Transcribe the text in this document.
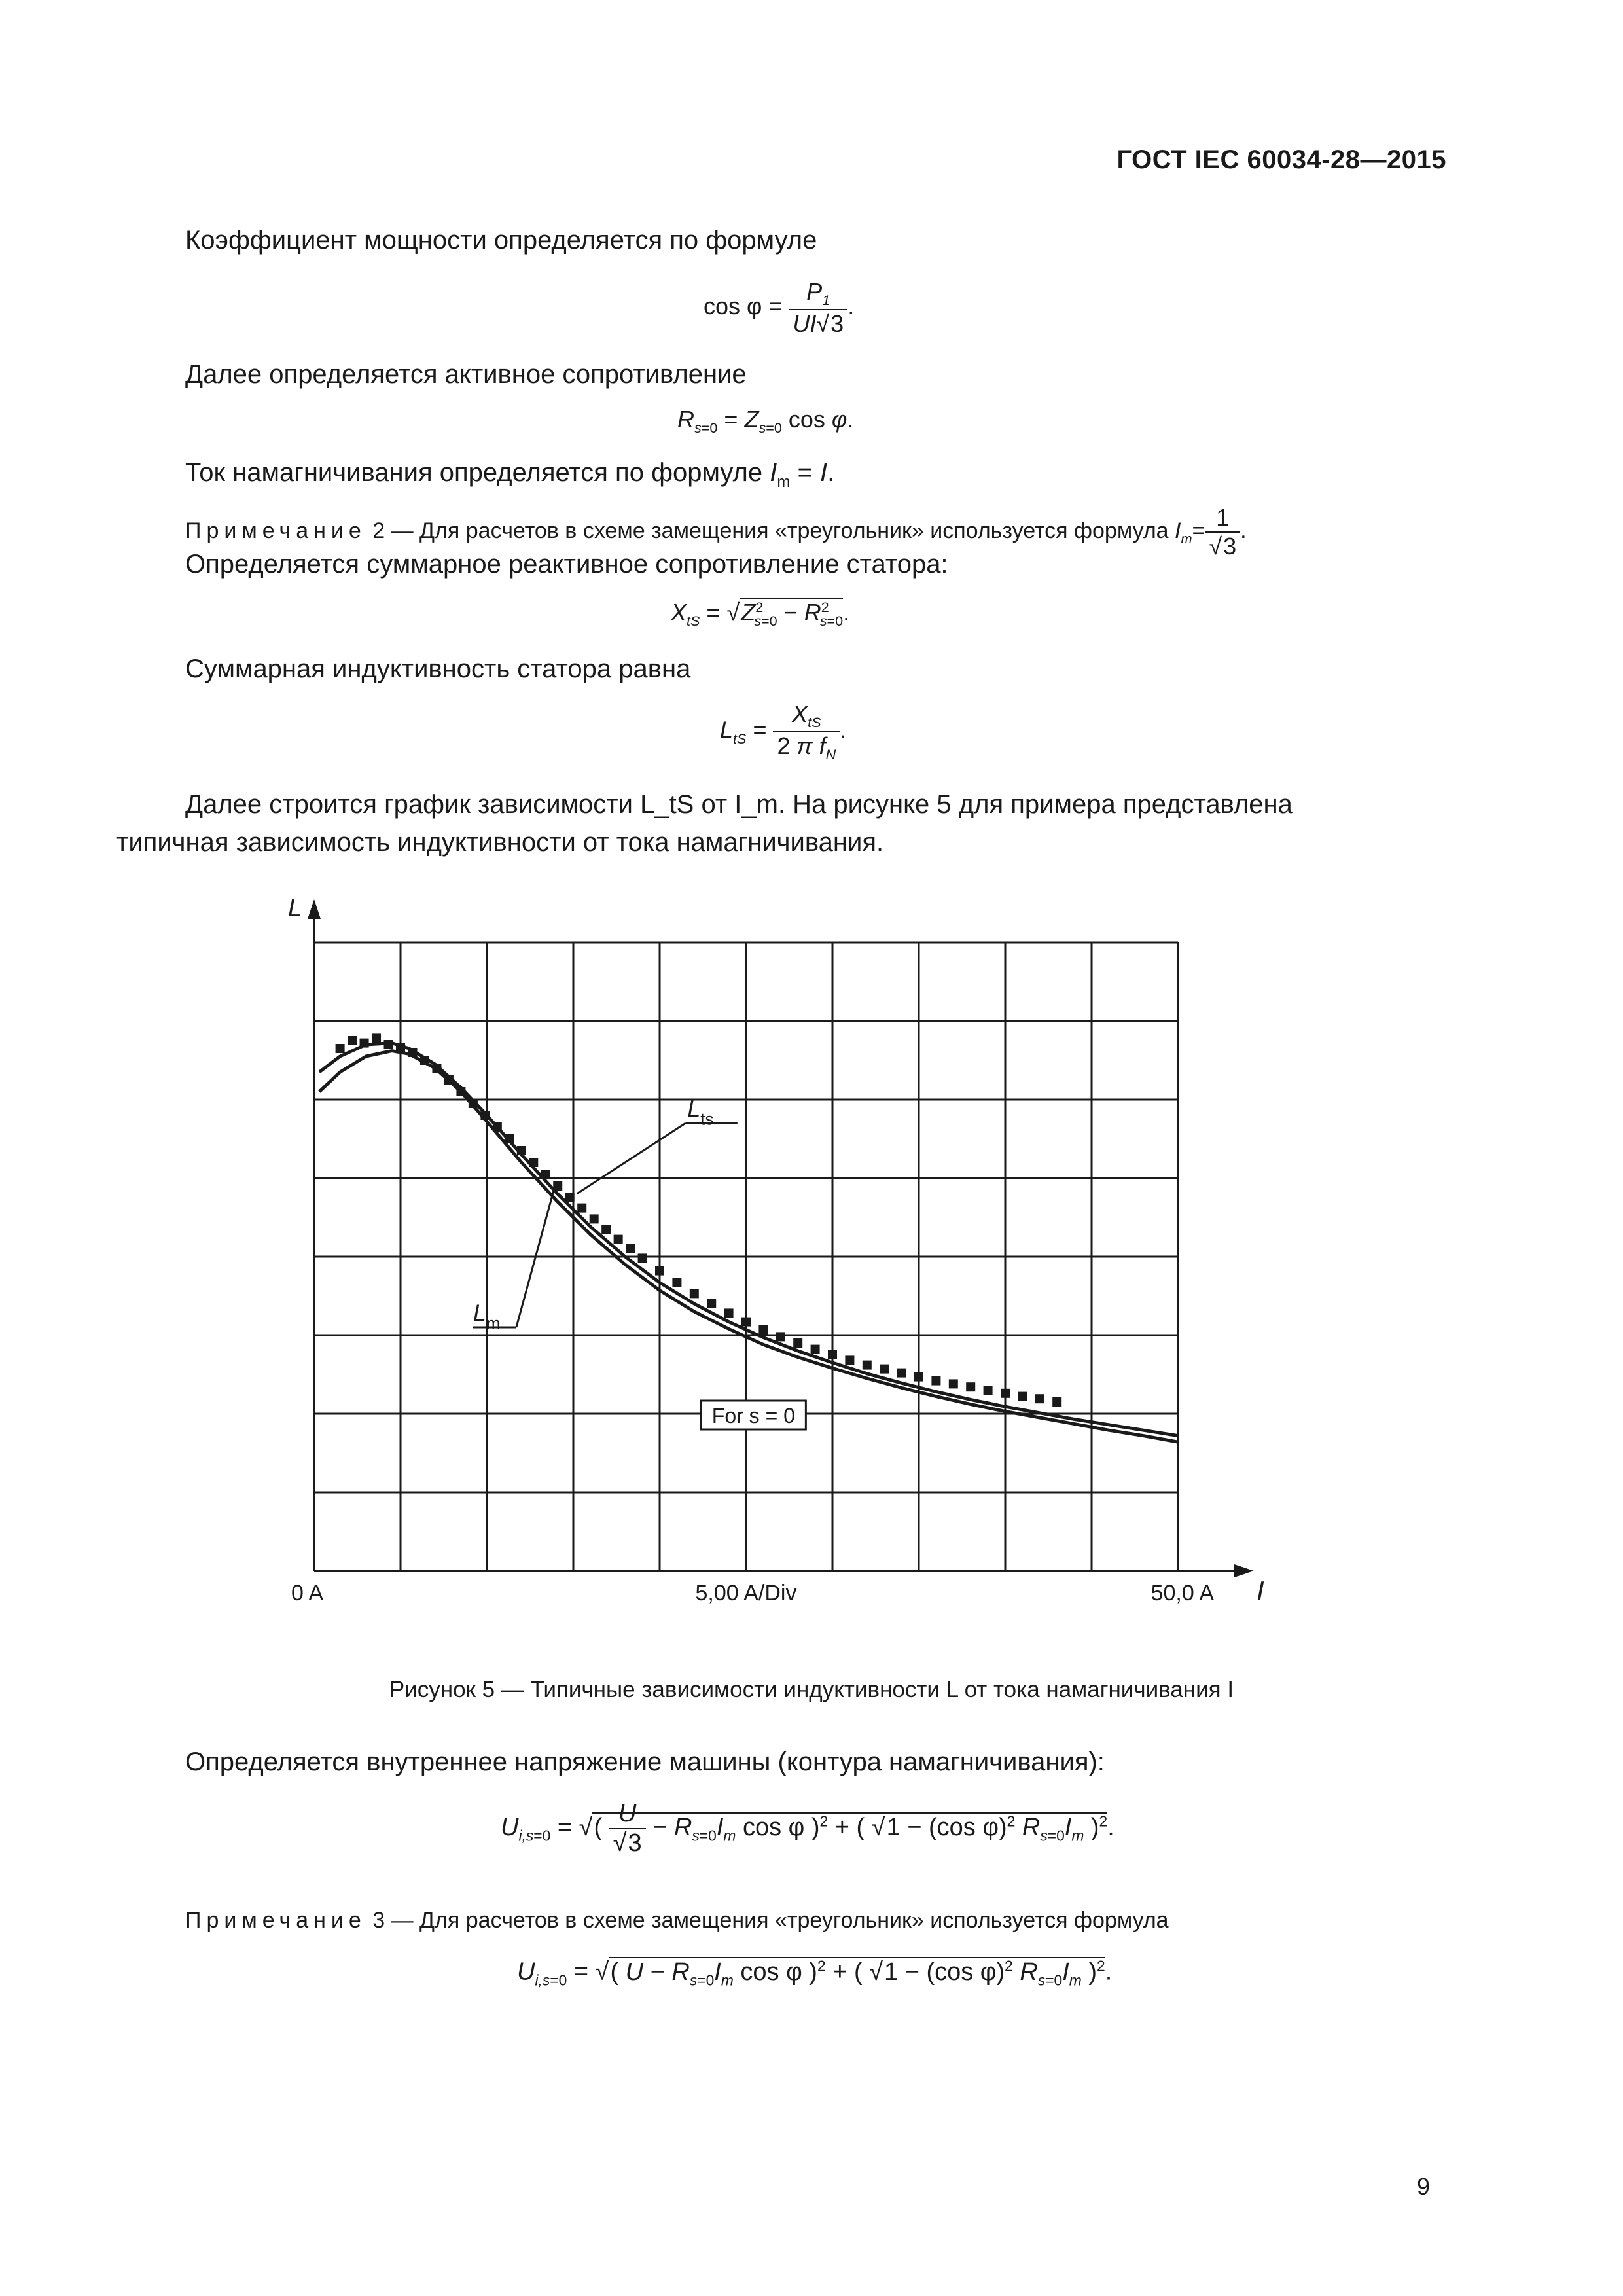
ГОСТ IEC 60034-28—2015
Коэффициент мощности определяется по формуле
$\cos \varphi = \frac{P_1}{UI√3}$ .
Далее определяется активное сопротивление
$R_{s=0} = Z_{s=0}$ cos φ.
Ток намагничивания определяется по формуле $I_m = I$.
Примечание 2 — Для расчетов в схеме замещения «треугольник» используется формула $I_m= \frac{1}{√3}$ .
Определяется суммарное реактивное сопротивление статора:
$X_{tS} = √Z^2_{s=0} - R^2_{s=0}$.
Суммарная индуктивность статора равна
$L_{tS} = \frac{X_{tS}}{2 \pi f_N}$ .
Далее строится график зависимости L_tS от I_m. На рисунке 5 для примера представлена типичная зависимость индуктивности от тока намагничивания.
L
I
0 A	5,00 A/Div	50,0 A
$L_{ts}$
$L_m$
For s = 0
Рисунок 5 — Типичные зависимости индуктивности L от тока намагничивания I
Определяется внутреннее напряжение машины (контура намагничивания):
$U_{i,s=0}$ = √( $\frac{U}{√3} - R_{s=0}I_m$ cos φ )$^2$ + ( √1 − (cos φ)$^2$ $R_{s=0}I_m$ )$^2$.
Примечание 3 — Для расчетов в схеме замещения «треугольник» используется формула
$U_{i,s=0}$ = √( $U - R_{s=0}I_m$ cos φ )$^2$ + ( √1 − (cos φ)$^2$ $R_{s=0}I_m$ )$^2$.
9
